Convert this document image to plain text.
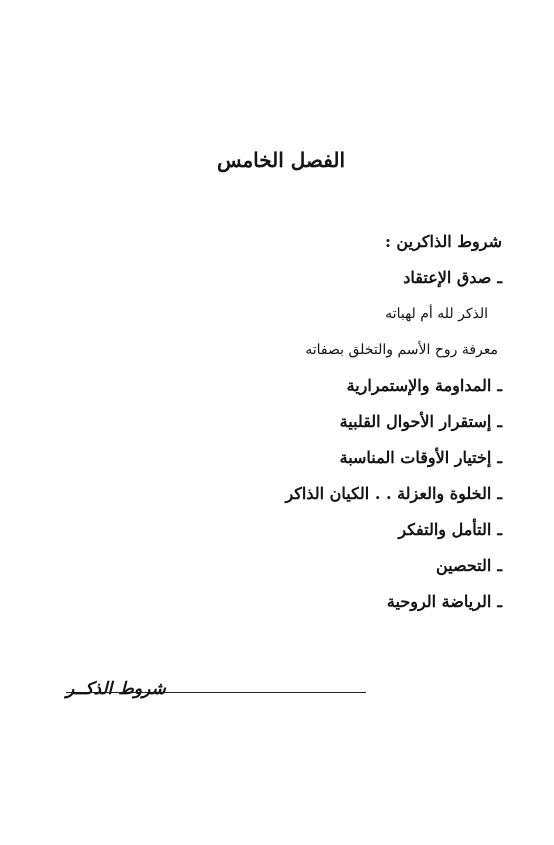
الفصل الخامس
شروط الذاكرين :
ـصدق الإعتقاد
الذكر لله أم لهباته
معرفة روح الأسم والتخلق بصفاته
ـالمداومة والإستمرارية
ـإستقرار الأحوال القلبية
ـإختيار الأوقات المناسبة
ـالخلوة والعزلة . . الكيان الذاكر
ـالتأمل والتفكر
ـالتحصين
ـالرياضة الروحية
شروط الذكــر
